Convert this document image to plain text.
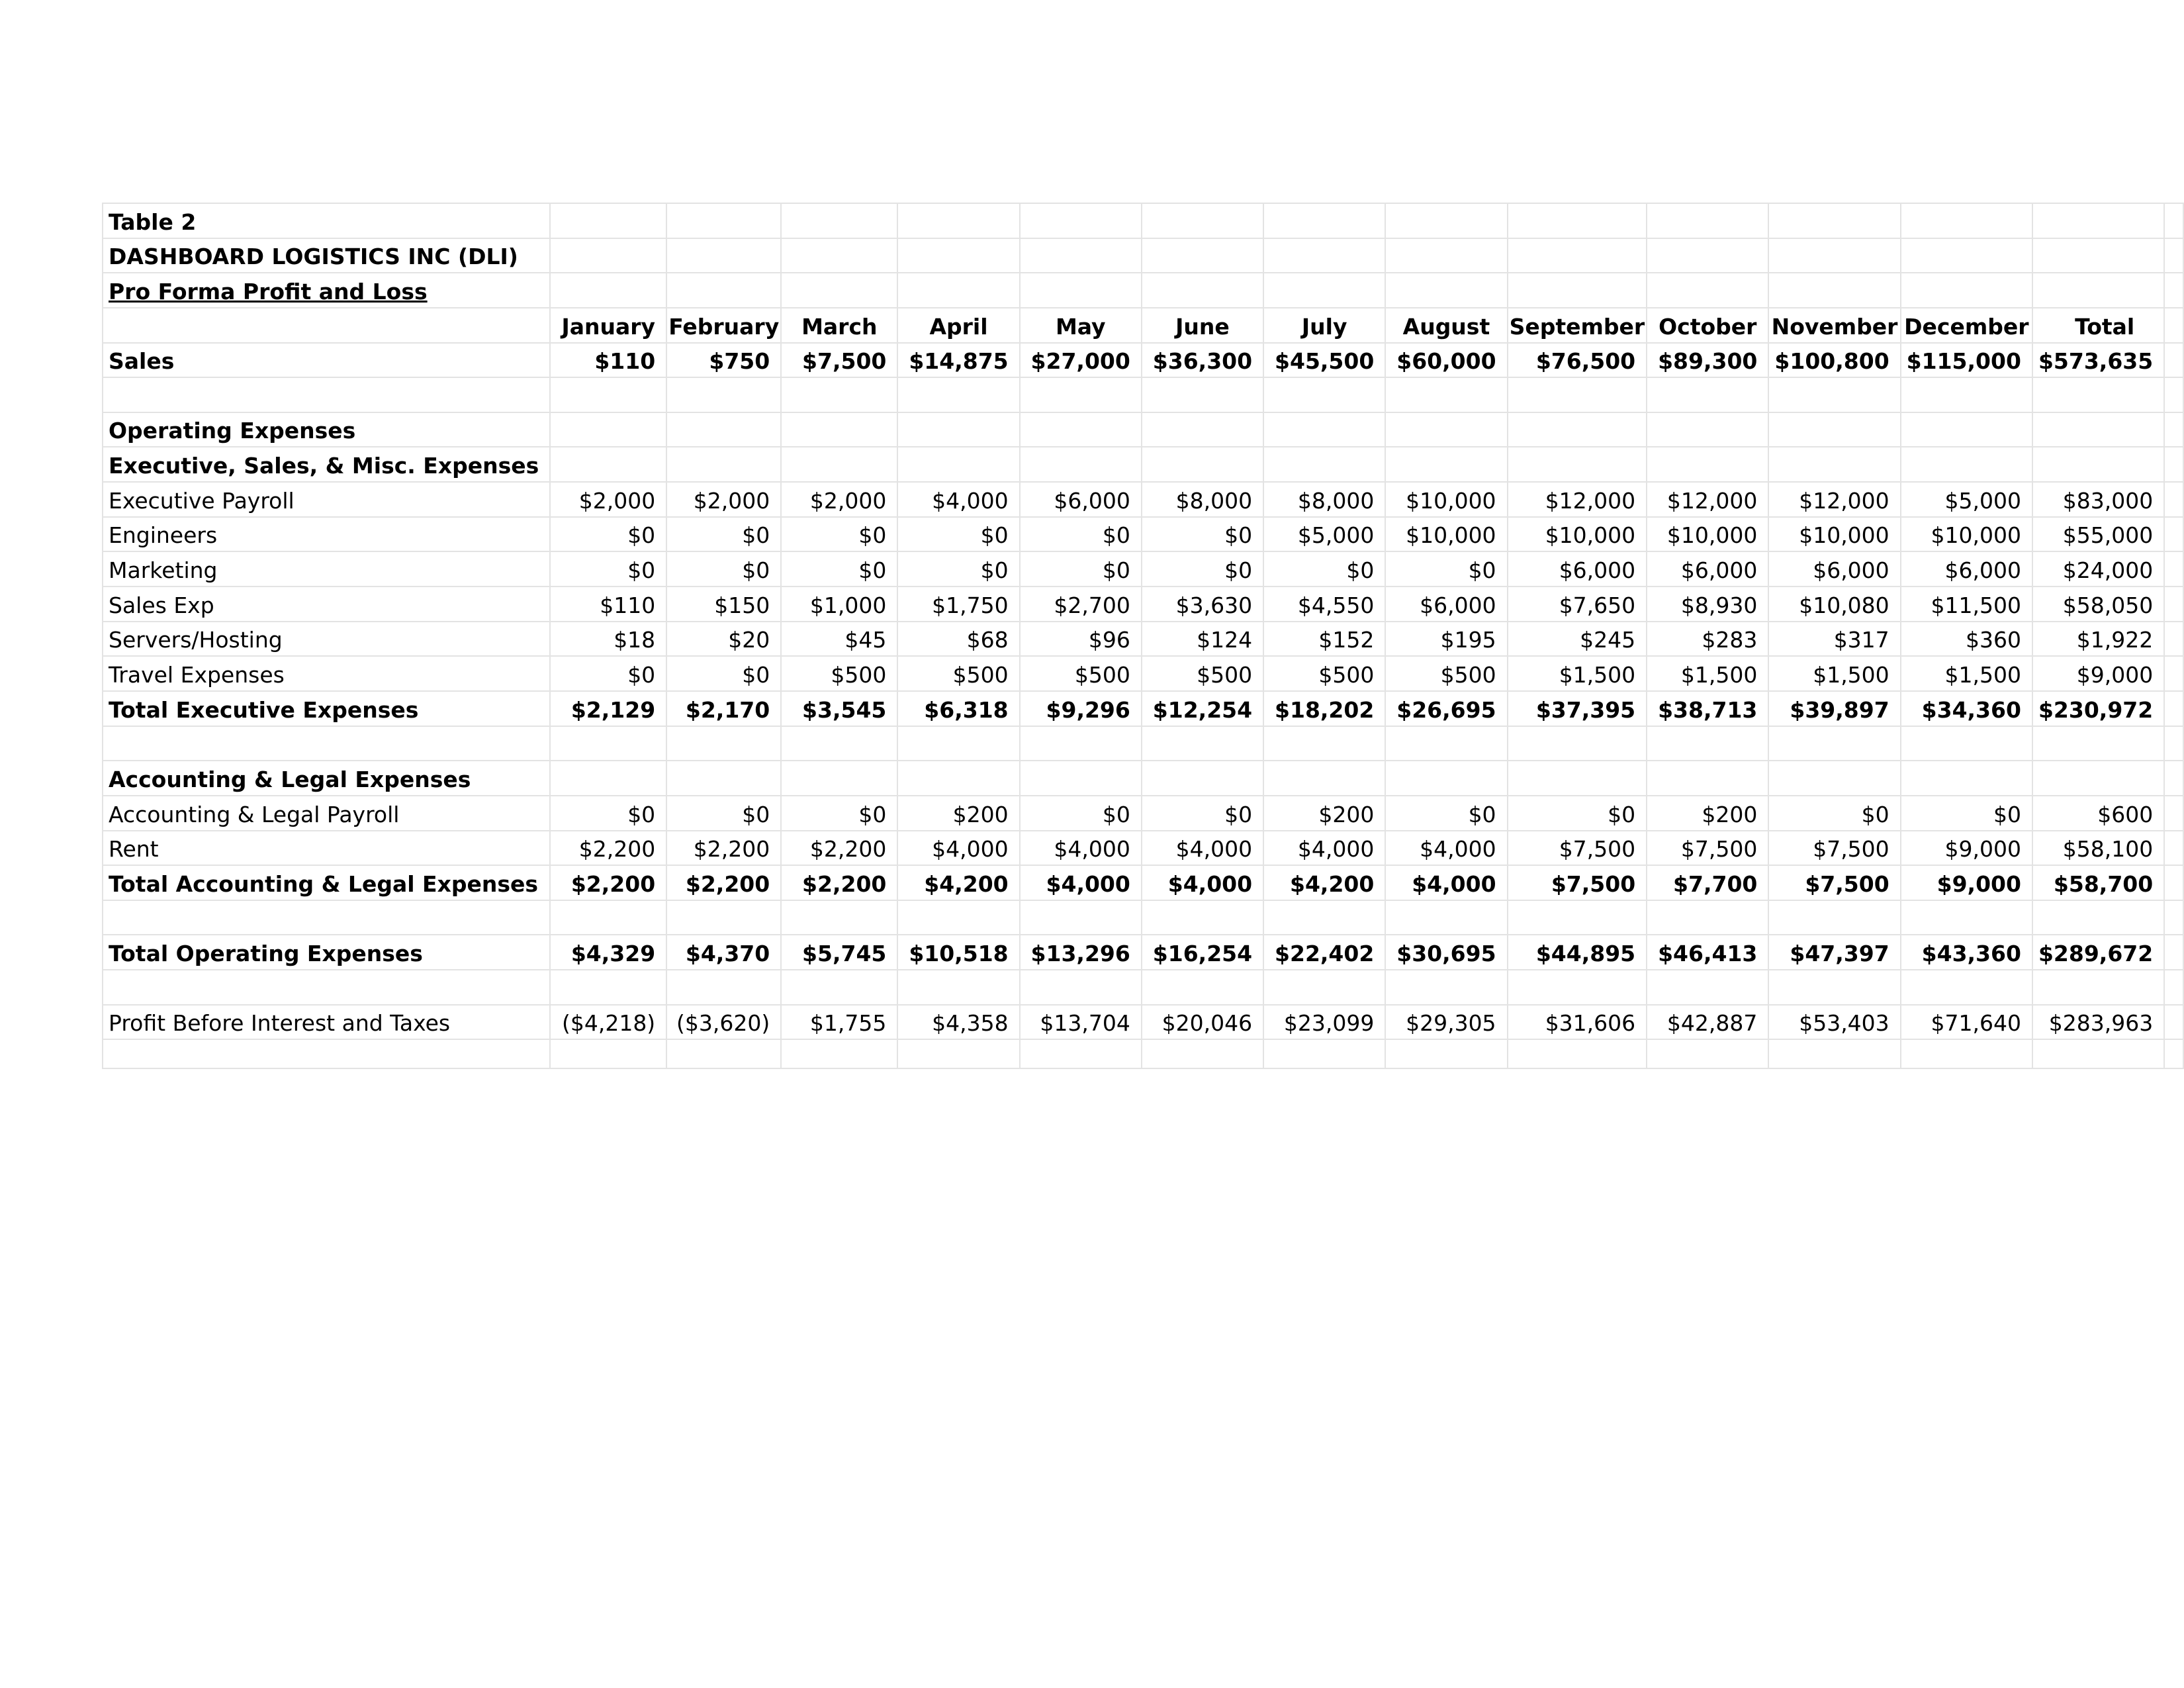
Table 2														
DASHBOARD LOGISTICS INC (DLI)														
Pro Forma Profit and Loss														
	January	February	March	April	May	June	July	August	September	October	November	December	Total	
Sales	$110	$750	$7,500	$14,875	$27,000	$36,300	$45,500	$60,000	$76,500	$89,300	$100,800	$115,000	$573,635	

Operating Expenses														
Executive, Sales, & Misc. Expenses														
Executive Payroll	$2,000	$2,000	$2,000	$4,000	$6,000	$8,000	$8,000	$10,000	$12,000	$12,000	$12,000	$5,000	$83,000	
Engineers	$0	$0	$0	$0	$0	$0	$5,000	$10,000	$10,000	$10,000	$10,000	$10,000	$55,000	
Marketing	$0	$0	$0	$0	$0	$0	$0	$0	$6,000	$6,000	$6,000	$6,000	$24,000	
Sales Exp	$110	$150	$1,000	$1,750	$2,700	$3,630	$4,550	$6,000	$7,650	$8,930	$10,080	$11,500	$58,050	
Servers/Hosting	$18	$20	$45	$68	$96	$124	$152	$195	$245	$283	$317	$360	$1,922	
Travel Expenses	$0	$0	$500	$500	$500	$500	$500	$500	$1,500	$1,500	$1,500	$1,500	$9,000	
Total Executive Expenses	$2,129	$2,170	$3,545	$6,318	$9,296	$12,254	$18,202	$26,695	$37,395	$38,713	$39,897	$34,360	$230,972	

Accounting & Legal Expenses														
Accounting & Legal Payroll	$0	$0	$0	$200	$0	$0	$200	$0	$0	$200	$0	$0	$600	
Rent	$2,200	$2,200	$2,200	$4,000	$4,000	$4,000	$4,000	$4,000	$7,500	$7,500	$7,500	$9,000	$58,100	
Total Accounting & Legal Expenses	$2,200	$2,200	$2,200	$4,200	$4,000	$4,000	$4,200	$4,000	$7,500	$7,700	$7,500	$9,000	$58,700	

Total Operating Expenses	$4,329	$4,370	$5,745	$10,518	$13,296	$16,254	$22,402	$30,695	$44,895	$46,413	$47,397	$43,360	$289,672	

Profit Before Interest and Taxes	($4,218)	($3,620)	$1,755	$4,358	$13,704	$20,046	$23,099	$29,305	$31,606	$42,887	$53,403	$71,640	$283,963	
